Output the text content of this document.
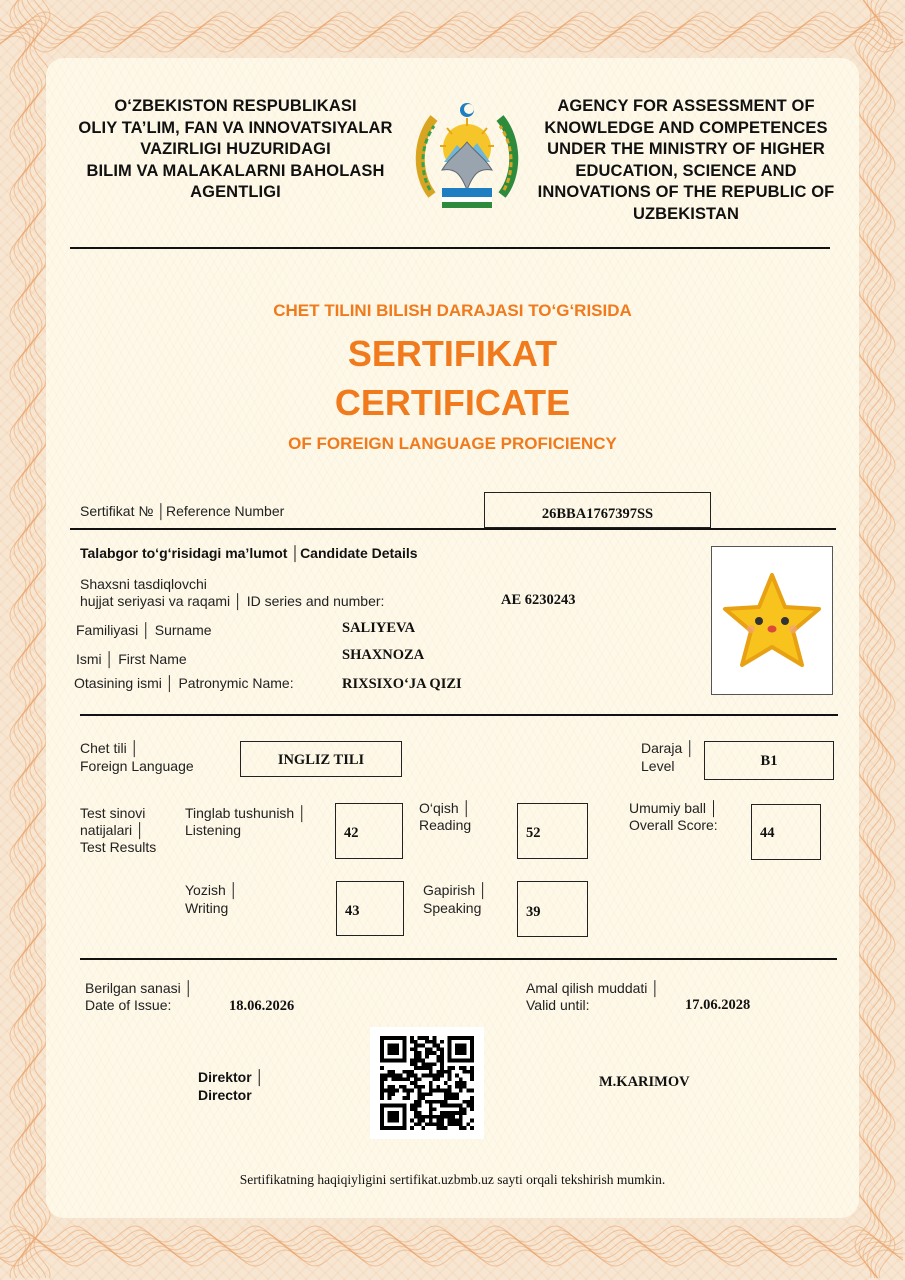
O‘ZBEKISTON RESPUBLIKASI
OLIY TA’LIM, FAN VA INNOVATSIYALAR
VAZIRLIGI HUZURIDAGI
BILIM VA MALAKALARNI BAHOLASH
AGENTLIGI
AGENCY FOR ASSESSMENT OF
KNOWLEDGE AND COMPETENCES
UNDER THE MINISTRY OF HIGHER
EDUCATION, SCIENCE AND
INNOVATIONS OF THE REPUBLIC OF
UZBEKISTAN
CHET TILINI BILISH DARAJASI TO‘G‘RISIDA
SERTIFIKAT
CERTIFICATE
OF FOREIGN LANGUAGE PROFICIENCY
Sertifikat № │Reference Number	26BBA1767397SS
Talabgor to‘g‘risidagi ma’lumot │Candidate Details
Shaxsni tasdiqlovchi
hujjat seriyasi va raqami │ ID series and number:	AE 6230243
Familiyasi │ Surname	SALIYEVA
Ismi │ First Name	SHAXNOZA
Otasining ismi │ Patronymic Name:	RIXSIXO‘JA QIZI
Chet tili │
Foreign Language	INGLIZ TILI
Daraja │
Level	B1
Test sinovi
natijalari │
Test Results
Tinglab tushunish │
Listening	42
O‘qish │
Reading	52
Umumiy ball │
Overall Score:	44
Yozish │
Writing	43
Gapirish │
Speaking	39
Berilgan sanasi │
Date of Issue:	18.06.2026
Amal qilish muddati │
Valid until:	17.06.2028
Direktor │
Director
M.KARIMOV
Sertifikatning haqiqiyligini sertifikat.uzbmb.uz sayti orqali tekshirish mumkin.
